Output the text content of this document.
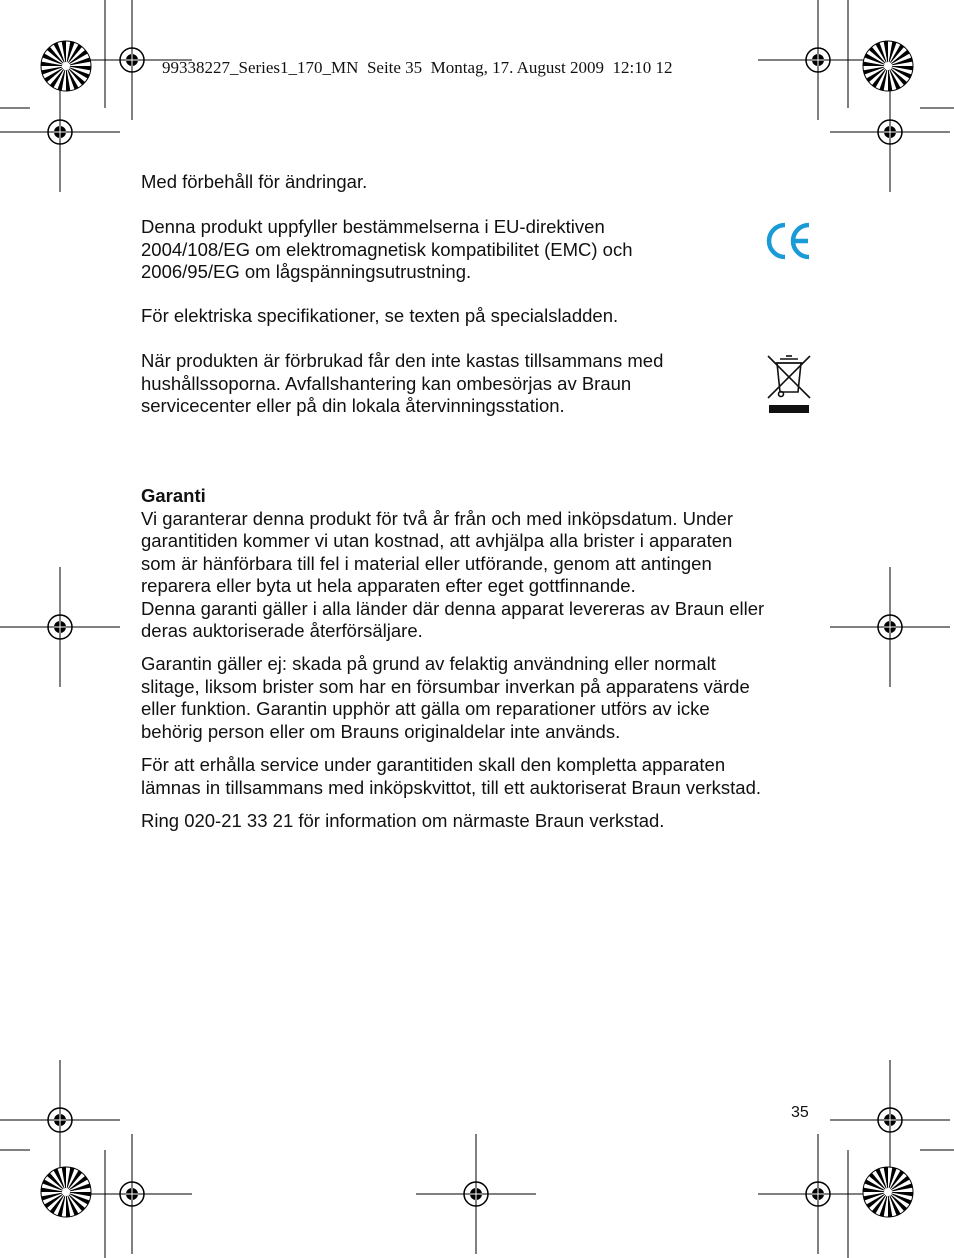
99338227_Series1_170_MN  Seite 35  Montag, 17. August 2009  12:10 12

Med förbehåll för ändringar.

Denna produkt uppfyller bestämmelserna i EU-direktiven

2004/108/EG om elektromagnetisk kompatibilitet (EMC) och

2006/95/EG om lågspänningsutrustning.

För elektriska specifikationer, se texten på specialsladden.

När produkten är förbrukad får den inte kastas tillsammans med

hushållssoporna. Avfallshantering kan ombesörjas av Braun

servicecenter eller på din lokala återvinningsstation.

Garanti

Vi garanterar denna produkt för två år från och med inköpsdatum. Under

garantitiden kommer vi utan kostnad, att avhjälpa alla brister i apparaten

som är hänförbara till fel i material eller utförande, genom att antingen

reparera eller byta ut hela apparaten efter eget gottfinnande.

Denna garanti gäller i alla länder där denna apparat levereras av Braun eller

deras auktoriserade återförsäljare.

Garantin gäller ej: skada på grund av felaktig användning eller normalt

slitage, liksom brister som har en försumbar inverkan på apparatens värde

eller funktion. Garantin upphör att gälla om reparationer utförs av icke

behörig person eller om Brauns originaldelar inte används.

För att erhålla service under garantitiden skall den kompletta apparaten

lämnas in tillsammans med inköpskvittot, till ett auktoriserat Braun verkstad.

Ring 020-21 33 21 för information om närmaste Braun verkstad.

35
